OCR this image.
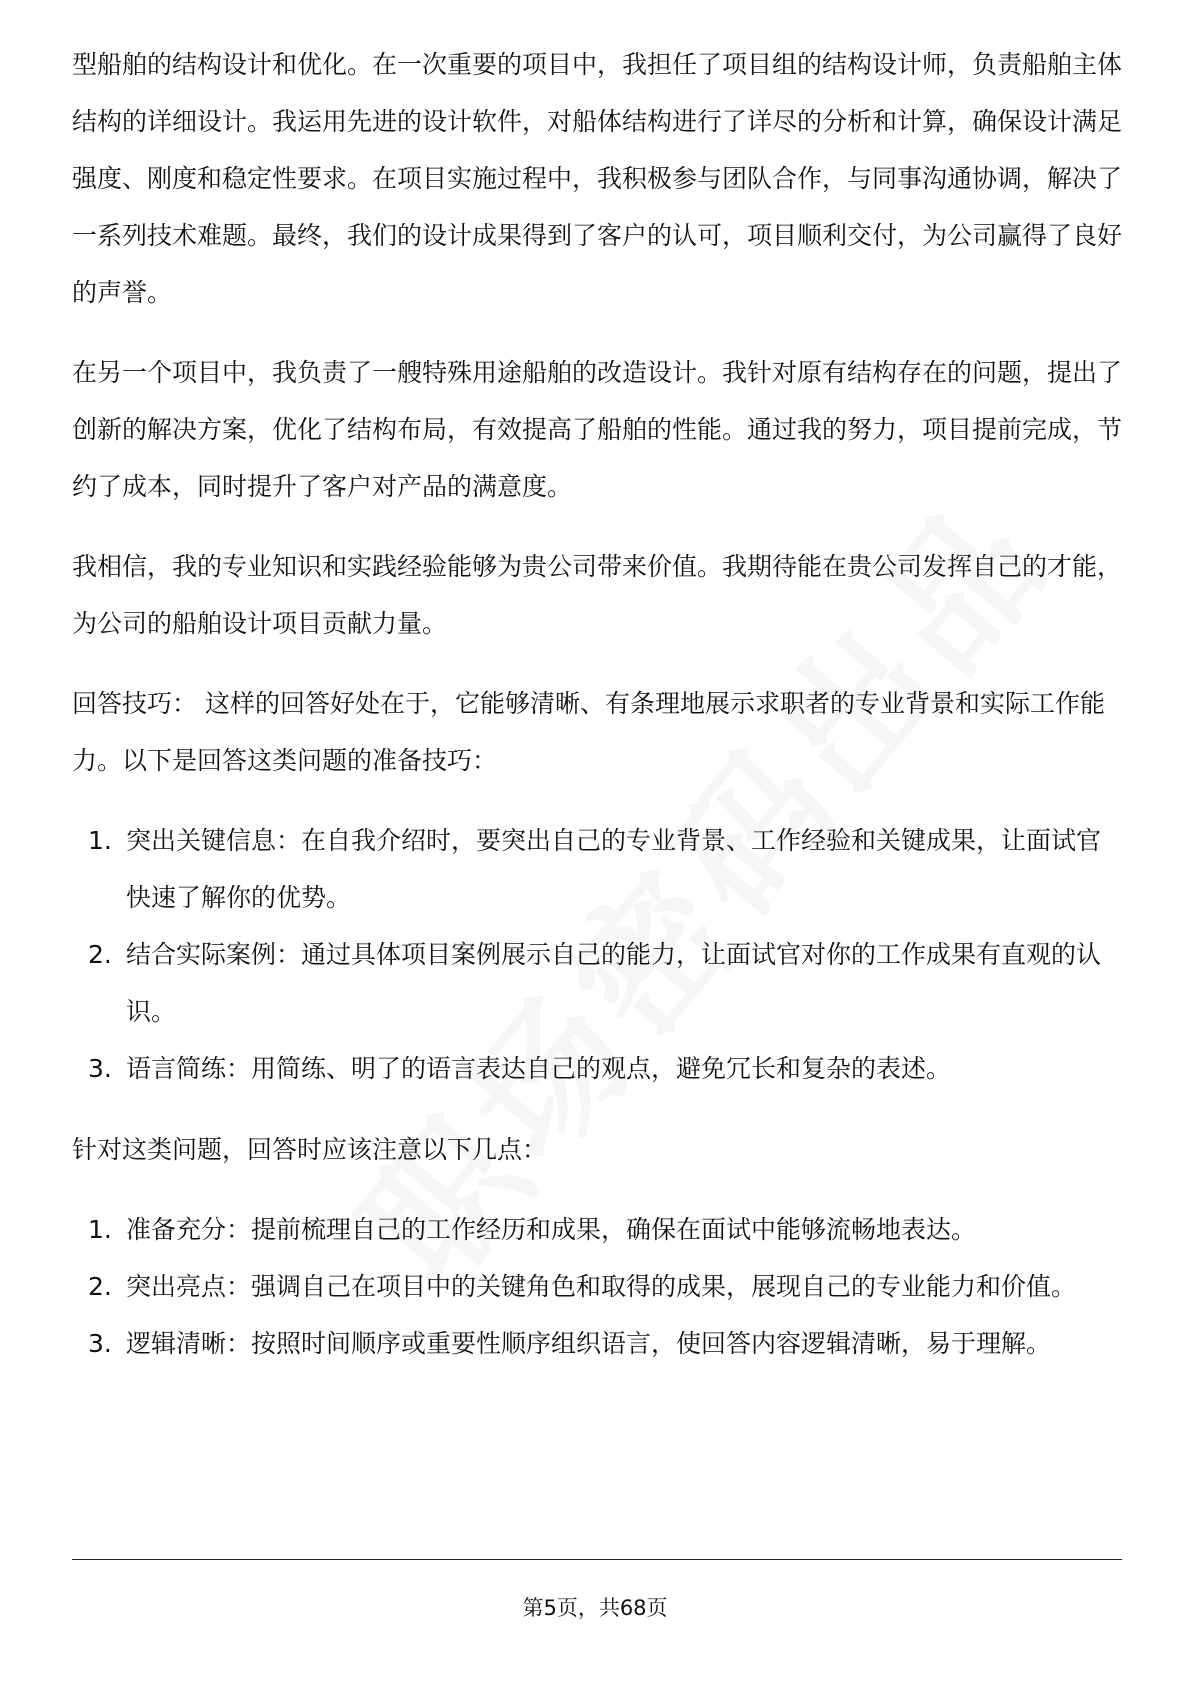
型船舶的结构设计和优化。在一次重要的项目中，我担任了项目组的结构设计师，负责船舶主体结构的详细设计。我运用先进的设计软件，对船体结构进行了详尽的分析和计算，确保设计满足强度、刚度和稳定性要求。在项目实施过程中，我积极参与团队合作，与同事沟通协调，解决了一系列技术难题。最终，我们的设计成果得到了客户的认可，项目顺利交付，为公司赢得了良好的声誉。

在另一个项目中，我负责了一艘特殊用途船舶的改造设计。我针对原有结构存在的问题，提出了创新的解决方案，优化了结构布局，有效提高了船舶的性能。通过我的努力，项目提前完成，节约了成本，同时提升了客户对产品的满意度。

我相信，我的专业知识和实践经验能够为贵公司带来价值。我期待能在贵公司发挥自己的才能，为公司的船舶设计项目贡献力量。

回答技巧： 这样的回答好处在于，它能够清晰、有条理地展示求职者的专业背景和实际工作能力。以下是回答这类问题的准备技巧：

1. 突出关键信息：在自我介绍时，要突出自己的专业背景、工作经验和关键成果，让面试官快速了解你的优势。
2. 结合实际案例：通过具体项目案例展示自己的能力，让面试官对你的工作成果有直观的认识。
3. 语言简练：用简练、明了的语言表达自己的观点，避免冗长和复杂的表述。

针对这类问题，回答时应该注意以下几点：

1. 准备充分：提前梳理自己的工作经历和成果，确保在面试中能够流畅地表达。
2. 突出亮点：强调自己在项目中的关键角色和取得的成果，展现自己的专业能力和价值。
3. 逻辑清晰：按照时间顺序或重要性顺序组织语言，使回答内容逻辑清晰，易于理解。
第5页，共68页
